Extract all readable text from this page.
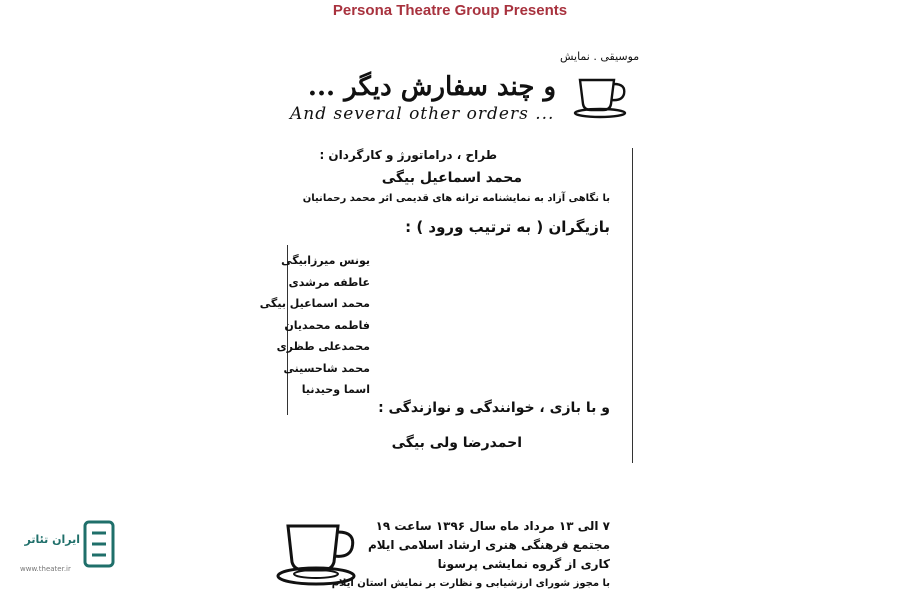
Persona Theatre Group Presents
موسیقی . نمایش
و چند سفارش دیگر ...
And several other orders ...
طراح ، دراماتورژ و کارگردان :
محمد اسماعیل بیگی
با نگاهی آزاد به نمایشنامه ترانه های قدیمی اثر محمد رحمانیان
بازیگران ( به ترتیب ورود ) :
یونس میرزابیگی
عاطفه مرشدی
محمد اسماعیل بیگی
فاطمه محمدیان
محمدعلی طظری
محمد شاحسینی
اسما وحیدنیا
و با بازی ، خوانندگی و نوازندگی :
احمدرضا ولی بیگی
۷ الی ۱۳ مرداد ماه سال ۱۳۹۶ ساعت ۱۹
مجتمع فرهنگی هنری ارشاد اسلامی ایلام
کاری از گروه نمایشی پرسونا
با مجوز شورای ارزشیابی و نظارت بر نمایش استان ایلام
ایران تئاتر
www.theater.ir
